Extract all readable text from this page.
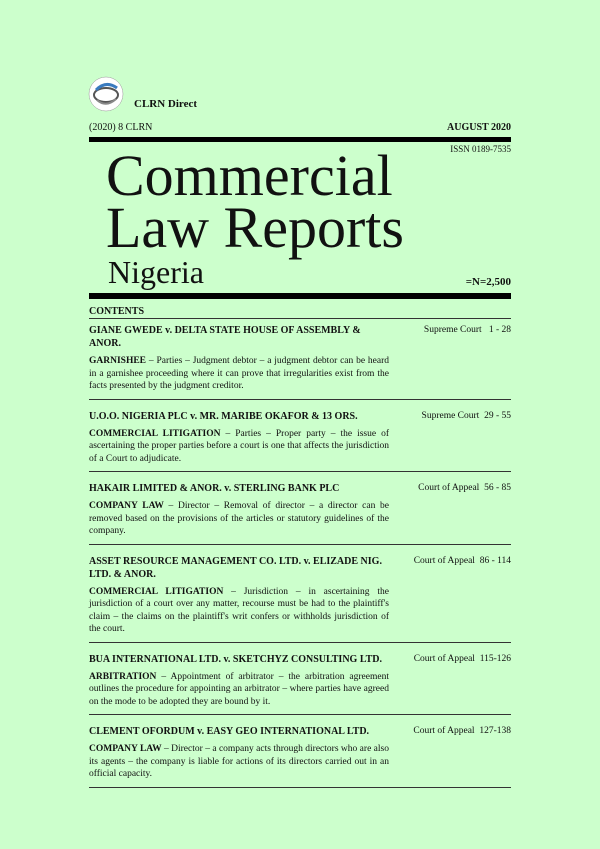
CLRN Direct
(2020) 8 CLRN	AUGUST 2020
ISSN 0189-7535
Commercial
Law Reports
Nigeria	=N=2,500
CONTENTS
GIANE GWEDE v. DELTA STATE HOUSE OF ASSEMBLY & ANOR.
Supreme Court 1 - 28
GARNISHEE – Parties – Judgment debtor – a judgment debtor can be heard in a garnishee proceeding where it can prove that irregularities exist from the facts presented by the judgment creditor.
U.O.O. NIGERIA PLC v. MR. MARIBE OKAFOR & 13 ORS.	Supreme Court 29 - 55
COMMERCIAL LITIGATION – Parties – Proper party – the issue of ascertaining the proper parties before a court is one that affects the jurisdiction of a Court to adjudicate.
HAKAIR LIMITED & ANOR. v. STERLING BANK PLC	Court of Appeal 56 - 85
COMPANY LAW – Director – Removal of director – a director can be removed based on the provisions of the articles or statutory guidelines of the company.
ASSET RESOURCE MANAGEMENT CO. LTD. v. ELIZADE NIG. LTD. & ANOR.
Court of Appeal 86 - 114
COMMERCIAL LITIGATION – Jurisdiction – in ascertaining the jurisdiction of a court over any matter, recourse must be had to the plaintiff's claim – the claims on the plaintiff's writ confers or withholds jurisdiction of the court.
BUA INTERNATIONAL LTD. v. SKETCHYZ CONSULTING LTD.	Court of Appeal 115-126
ARBITRATION – Appointment of arbitrator – the arbitration agreement outlines the procedure for appointing an arbitrator – where parties have agreed on the mode to be adopted they are bound by it.
CLEMENT OFORDUM v. EASY GEO INTERNATIONAL LTD.	Court of Appeal 127-138
COMPANY LAW – Director – a company acts through directors who are also its agents – the company is liable for actions of its directors carried out in an official capacity.
